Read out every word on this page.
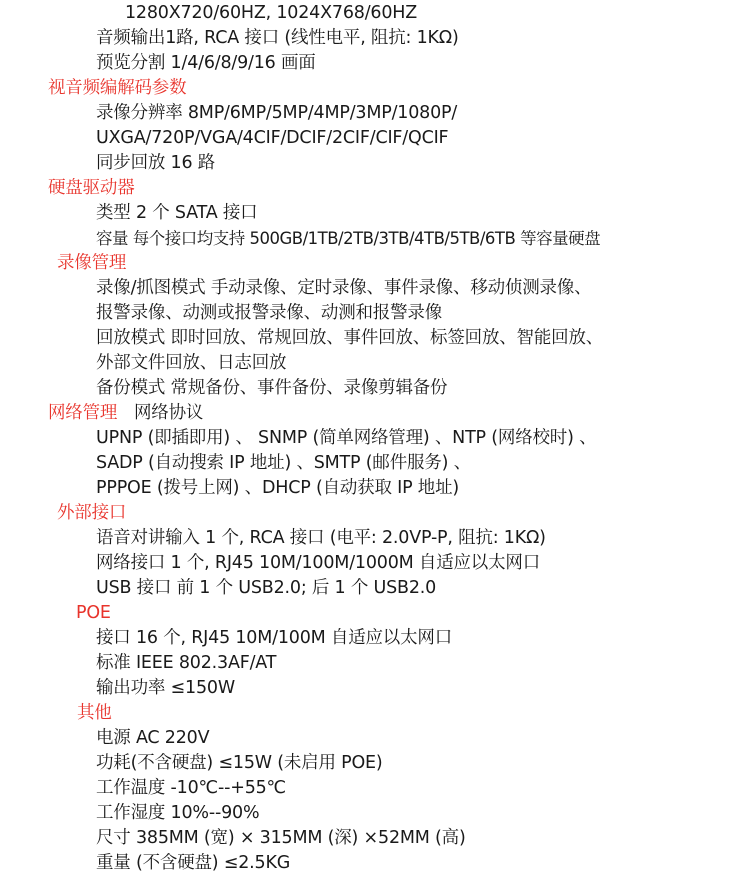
1280X720/60HZ, 1024X768/60HZ
音频输出1路, RCA 接口 (线性电平, 阻抗: 1KΩ)
预览分割 1/4/6/8/9/16 画面
视音频编解码参数
录像分辨率 8MP/6MP/5MP/4MP/3MP/1080P/
UXGA/720P/VGA/4CIF/DCIF/2CIF/CIF/QCIF
同步回放 16 路
硬盘驱动器
类型 2 个 SATA 接口
容量 每个接口均支持 500GB/1TB/2TB/3TB/4TB/5TB/6TB 等容量硬盘
录像管理
录像/抓图模式 手动录像、定时录像、事件录像、移动侦测录像、
报警录像、动测或报警录像、动测和报警录像
回放模式 即时回放、常规回放、事件回放、标签回放、智能回放、
外部文件回放、日志回放
备份模式 常规备份、事件备份、录像剪辑备份
网络管理 网络协议
UPNP (即插即用) 、 SNMP (简单网络管理) 、NTP (网络校时) 、
SADP (自动搜索 IP 地址) 、SMTP (邮件服务) 、
PPPOE (拨号上网) 、DHCP (自动获取 IP 地址)
外部接口
语音对讲输入 1 个, RCA 接口 (电平: 2.0VP-P, 阻抗: 1KΩ)
网络接口 1 个, RJ45 10M/100M/1000M 自适应以太网口
USB 接口 前 1 个 USB2.0; 后 1 个 USB2.0
POE
接口 16 个, RJ45 10M/100M 自适应以太网口
标准 IEEE 802.3AF/AT
输出功率 ≤150W
其他
电源 AC 220V
功耗(不含硬盘) ≤15W (未启用 POE)
工作温度 -10℃--+55℃
工作湿度 10%--90%
尺寸 385MM (宽) × 315MM (深) ×52MM (高)
重量 (不含硬盘) ≤2.5KG
